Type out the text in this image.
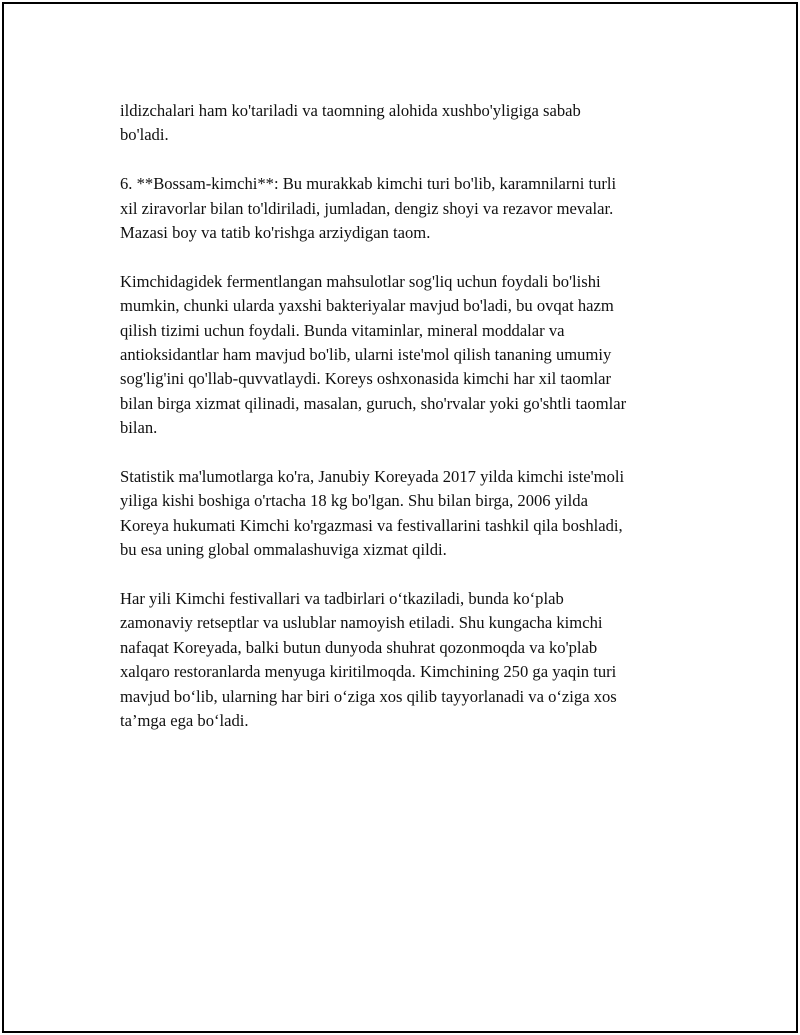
ildizchalari ham ko'tariladi va taomning alohida xushbo'yligiga sabab
bo'ladi.

6. **Bossam-kimchi**: Bu murakkab kimchi turi bo'lib, karamnilarni turli
xil ziravorlar bilan to'ldiriladi, jumladan, dengiz shoyi va rezavor mevalar.
Mazasi boy va tatib ko'rishga arziydigan taom.

Kimchidagidek fermentlangan mahsulotlar sog'liq uchun foydali bo'lishi
mumkin, chunki ularda yaxshi bakteriyalar mavjud bo'ladi, bu ovqat hazm
qilish tizimi uchun foydali. Bunda vitaminlar, mineral moddalar va
antioksidantlar ham mavjud bo'lib, ularni iste'mol qilish tananing umumiy
sog'lig'ini qo'llab-quvvatlaydi. Koreys oshxonasida kimchi har xil taomlar
bilan birga xizmat qilinadi, masalan, guruch, sho'rvalar yoki go'shtli taomlar
bilan.

Statistik ma'lumotlarga ko'ra, Janubiy Koreyada 2017 yilda kimchi iste'moli
yiliga kishi boshiga o'rtacha 18 kg bo'lgan. Shu bilan birga, 2006 yilda
Koreya hukumati Kimchi ko'rgazmasi va festivallarini tashkil qila boshladi,
bu esa uning global ommalashuviga xizmat qildi.

Har yili Kimchi festivallari va tadbirlari o‘tkaziladi, bunda ko‘plab
zamonaviy retseptlar va uslublar namoyish etiladi. Shu kungacha kimchi
nafaqat Koreyada, balki butun dunyoda shuhrat qozonmoqda va ko'plab
xalqaro restoranlarda menyuga kiritilmoqda. Kimchining 250 ga yaqin turi
mavjud bo‘lib, ularning har biri o‘ziga xos qilib tayyorlanadi va o‘ziga xos
ta’mga ega bo‘ladi.
